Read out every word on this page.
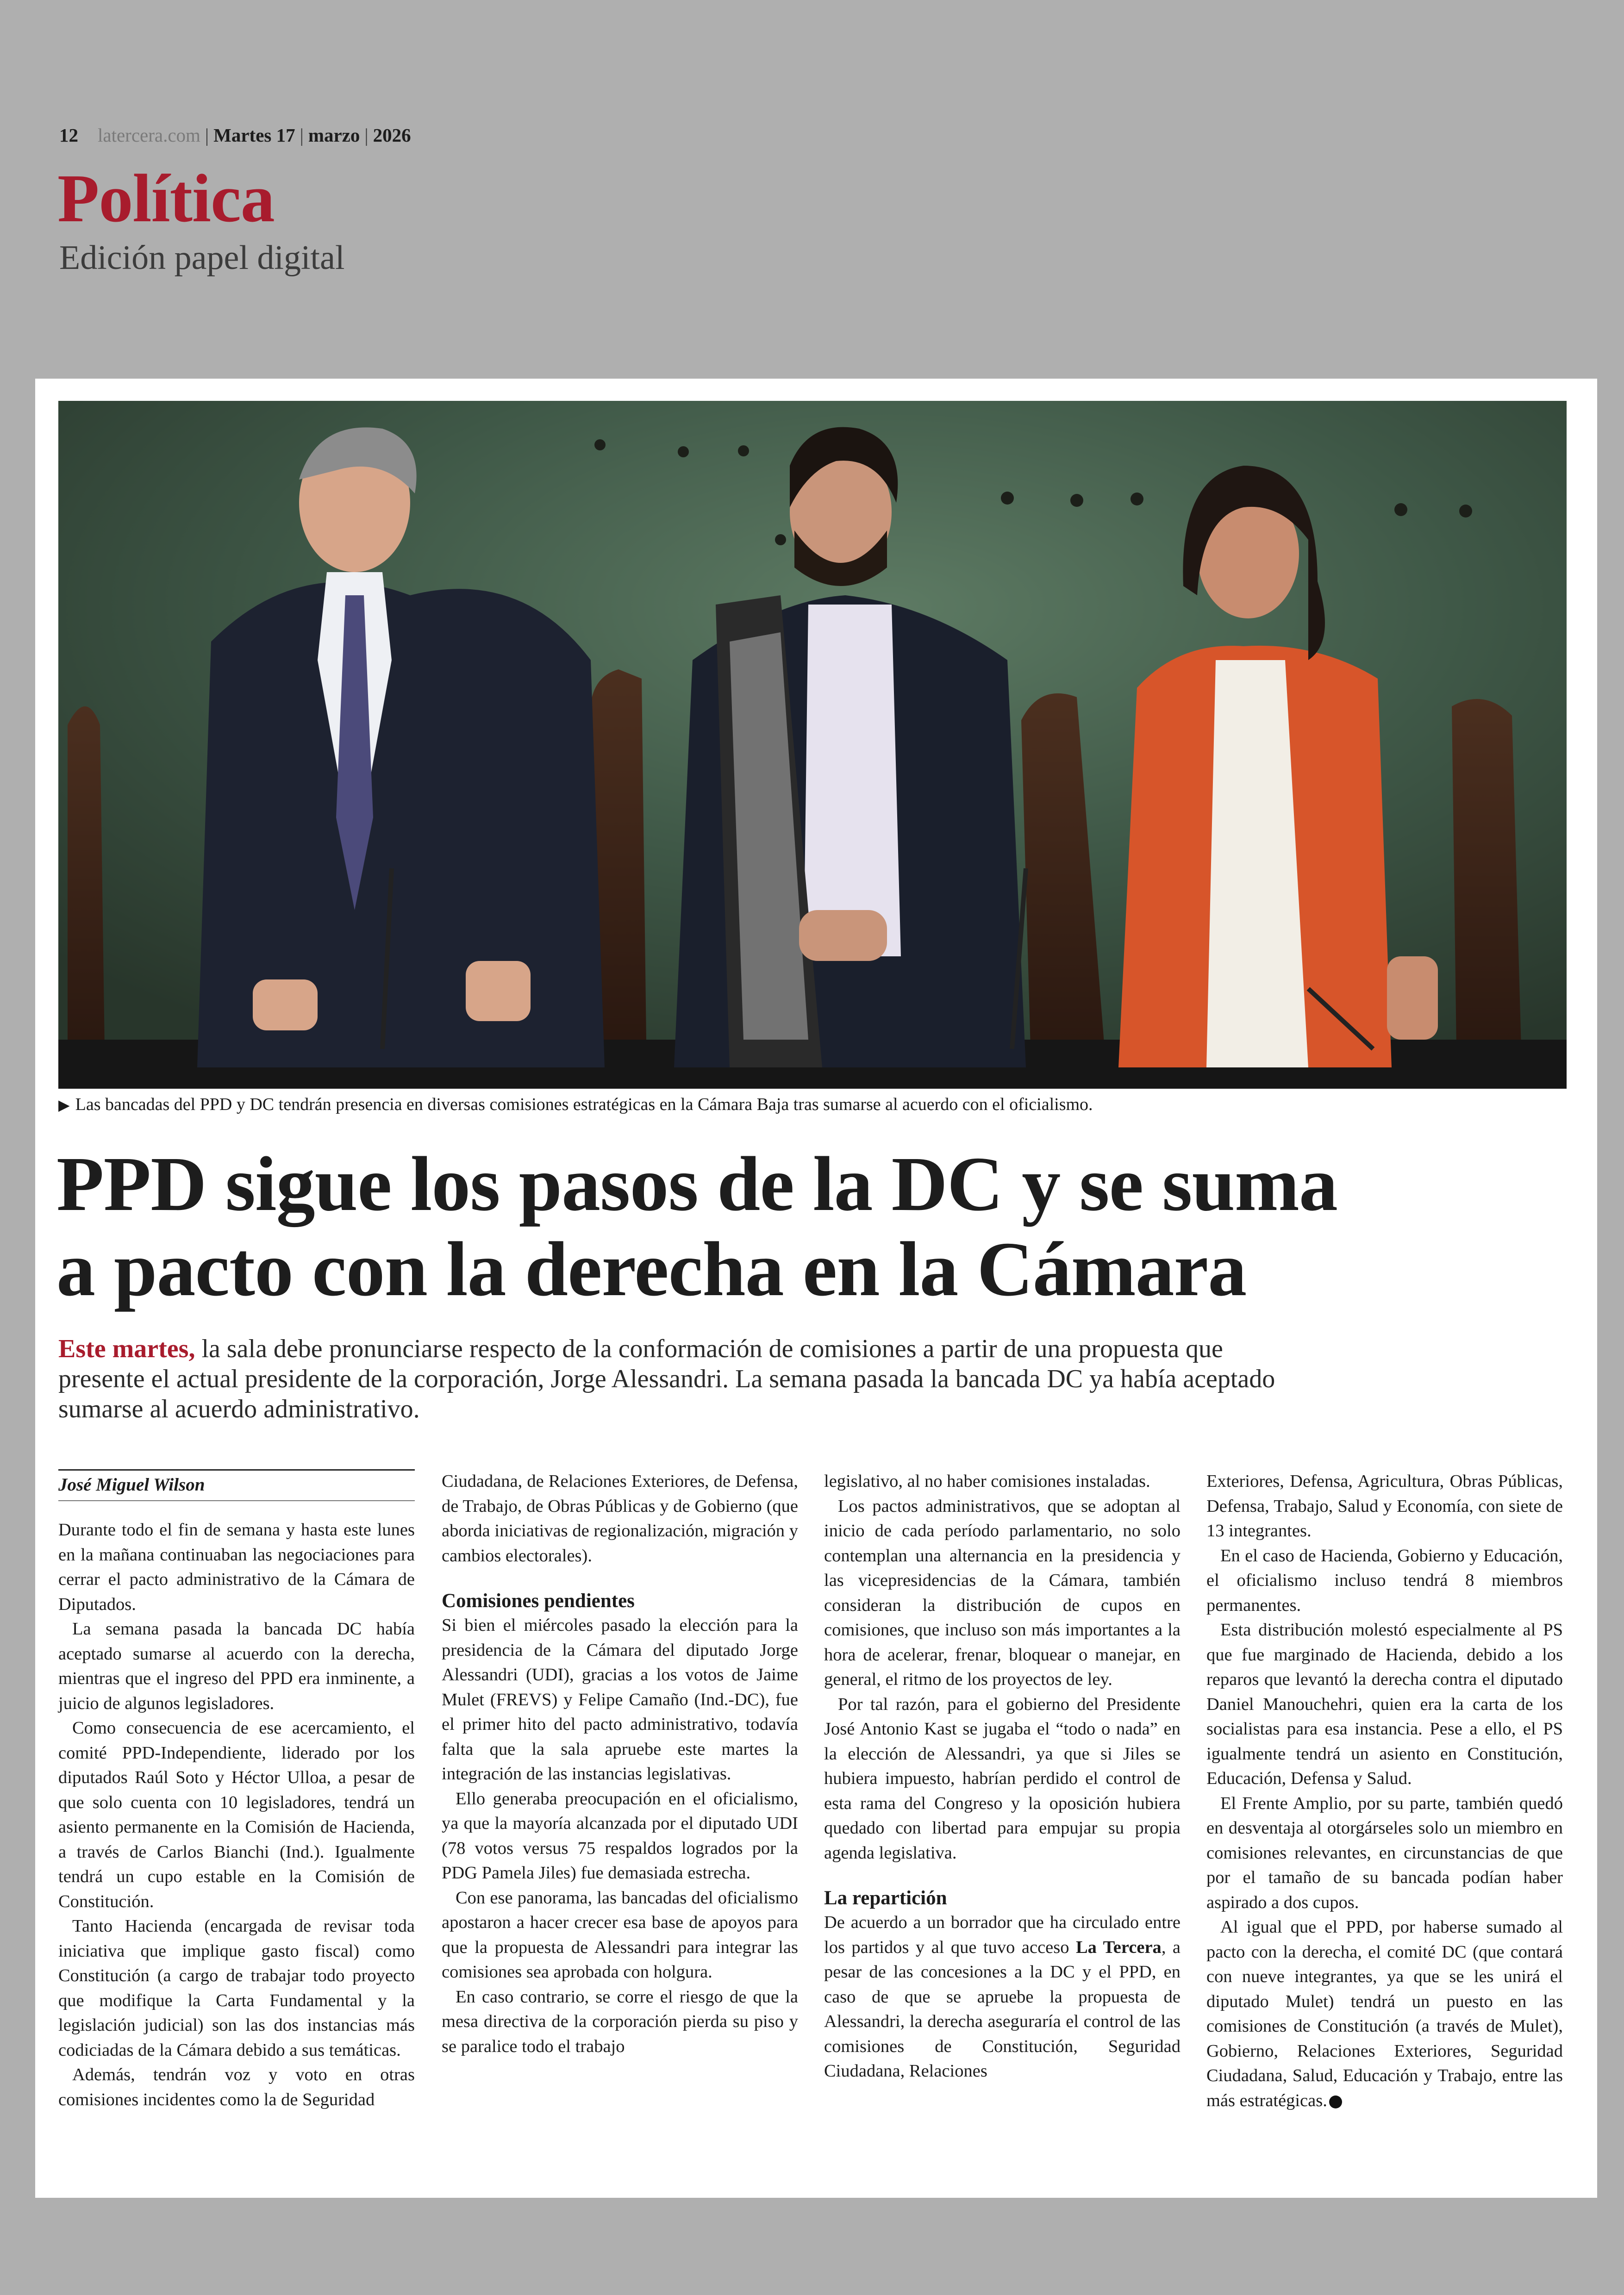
12 latercera.com | Martes 17 | marzo | 2026
Política
Edición papel digital
▶ Las bancadas del PPD y DC tendrán presencia en diversas comisiones estratégicas en la Cámara Baja tras sumarse al acuerdo con el oficialismo.
PPD sigue los pasos de la DC y se suma
a pacto con la derecha en la Cámara

Este martes, la sala debe pronunciarse respecto de la conformación de comisiones a partir de una propuesta que presente el actual presidente de la corporación, Jorge Alessandri. La semana pasada la bancada DC ya había aceptado sumarse al acuerdo administrativo.

José Miguel Wilson

Durante todo el fin de semana y hasta este lunes en la mañana continuaban las negociaciones para cerrar el pacto administrativo de la Cámara de Diputados.

La semana pasada la bancada DC había aceptado sumarse al acuerdo con la derecha, mientras que el ingreso del PPD era inminente, a juicio de algunos legisladores.

Como consecuencia de ese acercamiento, el comité PPD-Independiente, liderado por los diputados Raúl Soto y Héctor Ulloa, a pesar de que solo cuenta con 10 legisladores, tendrá un asiento permanente en la Comisión de Hacienda, a través de Carlos Bianchi (Ind.). Igualmente tendrá un cupo estable en la Comisión de Constitución.

Tanto Hacienda (encargada de revisar toda iniciativa que implique gasto fiscal) como Constitución (a cargo de trabajar todo proyecto que modifique la Carta Fundamental y la legislación judicial) son las dos instancias más codiciadas de la Cámara debido a sus temáticas.

Además, tendrán voz y voto en otras comisiones incidentes como la de Seguridad

Ciudadana, de Relaciones Exteriores, de Defensa, de Trabajo, de Obras Públicas y de Gobierno (que aborda iniciativas de regionalización, migración y cambios electorales).

Comisiones pendientes

Si bien el miércoles pasado la elección para la presidencia de la Cámara del diputado Jorge Alessandri (UDI), gracias a los votos de Jaime Mulet (FREVS) y Felipe Camaño (Ind.-DC), fue el primer hito del pacto administrativo, todavía falta que la sala apruebe este martes la integración de las instancias legislativas.

Ello generaba preocupación en el oficialismo, ya que la mayoría alcanzada por el diputado UDI (78 votos versus 75 respaldos logrados por la PDG Pamela Jiles) fue demasiada estrecha.

Con ese panorama, las bancadas del oficialismo apostaron a hacer crecer esa base de apoyos para que la propuesta de Alessandri para integrar las comisiones sea aprobada con holgura.

En caso contrario, se corre el riesgo de que la mesa directiva de la corporación pierda su piso y se paralice todo el trabajo

legislativo, al no haber comisiones instaladas.

Los pactos administrativos, que se adoptan al inicio de cada período parlamentario, no solo contemplan una alternancia en la presidencia y las vicepresidencias de la Cámara, también consideran la distribución de cupos en comisiones, que incluso son más importantes a la hora de acelerar, frenar, bloquear o manejar, en general, el ritmo de los proyectos de ley.

Por tal razón, para el gobierno del Presidente José Antonio Kast se jugaba el “todo o nada” en la elección de Alessandri, ya que si Jiles se hubiera impuesto, habrían perdido el control de esta rama del Congreso y la oposición hubiera quedado con libertad para empujar su propia agenda legislativa.

La repartición

De acuerdo a un borrador que ha circulado entre los partidos y al que tuvo acceso La Tercera, a pesar de las concesiones a la DC y el PPD, en caso de que se apruebe la propuesta de Alessandri, la derecha aseguraría el control de las comisiones de Constitución, Seguridad Ciudadana, Relaciones

Exteriores, Defensa, Agricultura, Obras Públicas, Defensa, Trabajo, Salud y Economía, con siete de 13 integrantes.

En el caso de Hacienda, Gobierno y Educación, el oficialismo incluso tendrá 8 miembros permanentes.

Esta distribución molestó especialmente al PS que fue marginado de Hacienda, debido a los reparos que levantó la derecha contra el diputado Daniel Manouchehri, quien era la carta de los socialistas para esa instancia. Pese a ello, el PS igualmente tendrá un asiento en Constitución, Educación, Defensa y Salud.

El Frente Amplio, por su parte, también quedó en desventaja al otorgárseles solo un miembro en comisiones relevantes, en circunstancias de que por el tamaño de su bancada podían haber aspirado a dos cupos.

Al igual que el PPD, por haberse sumado al pacto con la derecha, el comité DC (que contará con nueve integrantes, ya que se les unirá el diputado Mulet) tendrá un puesto en las comisiones de Constitución (a través de Mulet), Gobierno, Relaciones Exteriores, Seguridad Ciudadana, Salud, Educación y Trabajo, entre las más estratégicas.
